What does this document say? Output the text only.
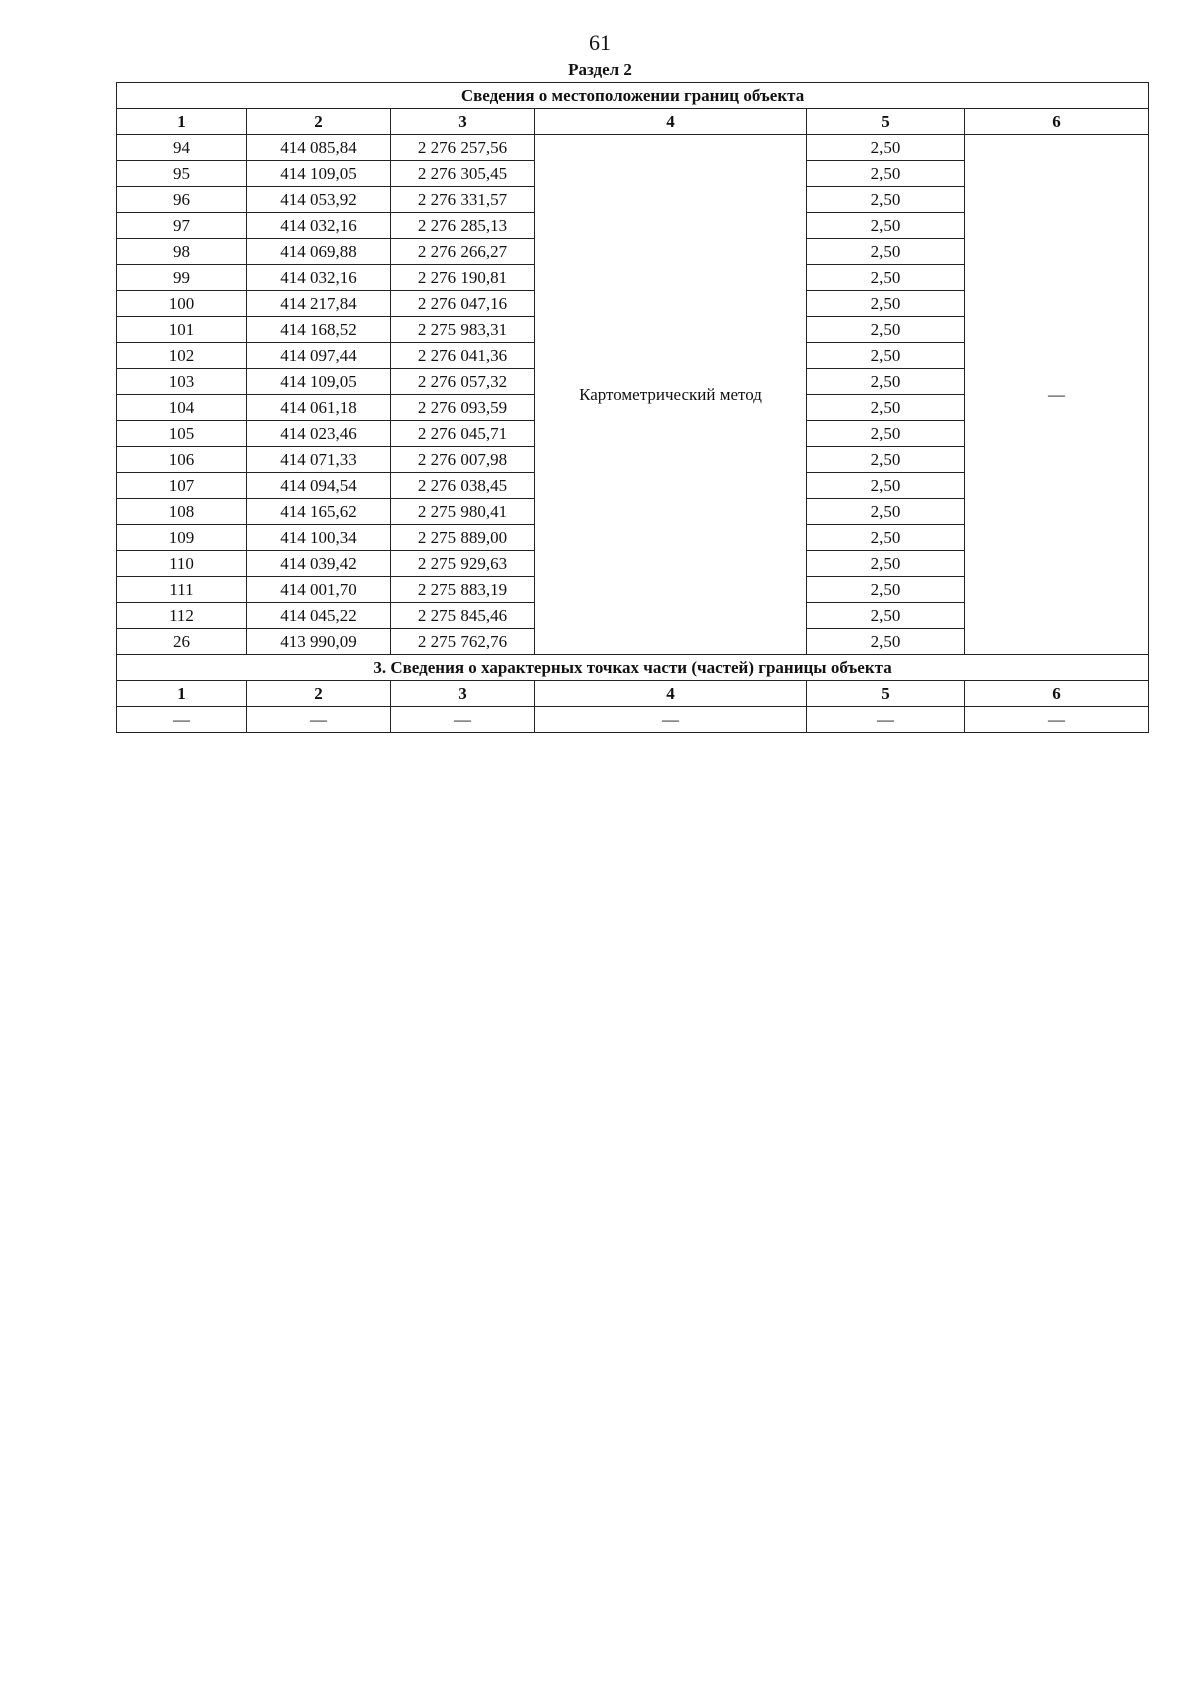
61
Раздел 2
Сведения о местоположении границ объекта					
1	2	3	4	5	6
94	414 085,84	2 276 257,56	Картометрический метод	2,50	—
95	414 109,05	2 276 305,45		2,50	
96	414 053,92	2 276 331,57		2,50	
97	414 032,16	2 276 285,13		2,50	
98	414 069,88	2 276 266,27		2,50	
99	414 032,16	2 276 190,81		2,50	
100	414 217,84	2 276 047,16		2,50	
101	414 168,52	2 275 983,31		2,50	
102	414 097,44	2 276 041,36		2,50	
103	414 109,05	2 276 057,32		2,50	
104	414 061,18	2 276 093,59		2,50	
105	414 023,46	2 276 045,71		2,50	
106	414 071,33	2 276 007,98		2,50	
107	414 094,54	2 276 038,45		2,50	
108	414 165,62	2 275 980,41		2,50	
109	414 100,34	2 275 889,00		2,50	
110	414 039,42	2 275 929,63		2,50	
111	414 001,70	2 275 883,19		2,50	
112	414 045,22	2 275 845,46		2,50	
26	413 990,09	2 275 762,76		2,50	
3. Сведения о характерных точках части (частей) границы объекта					
1	2	3	4	5	6
—	—	—	—	—	—
